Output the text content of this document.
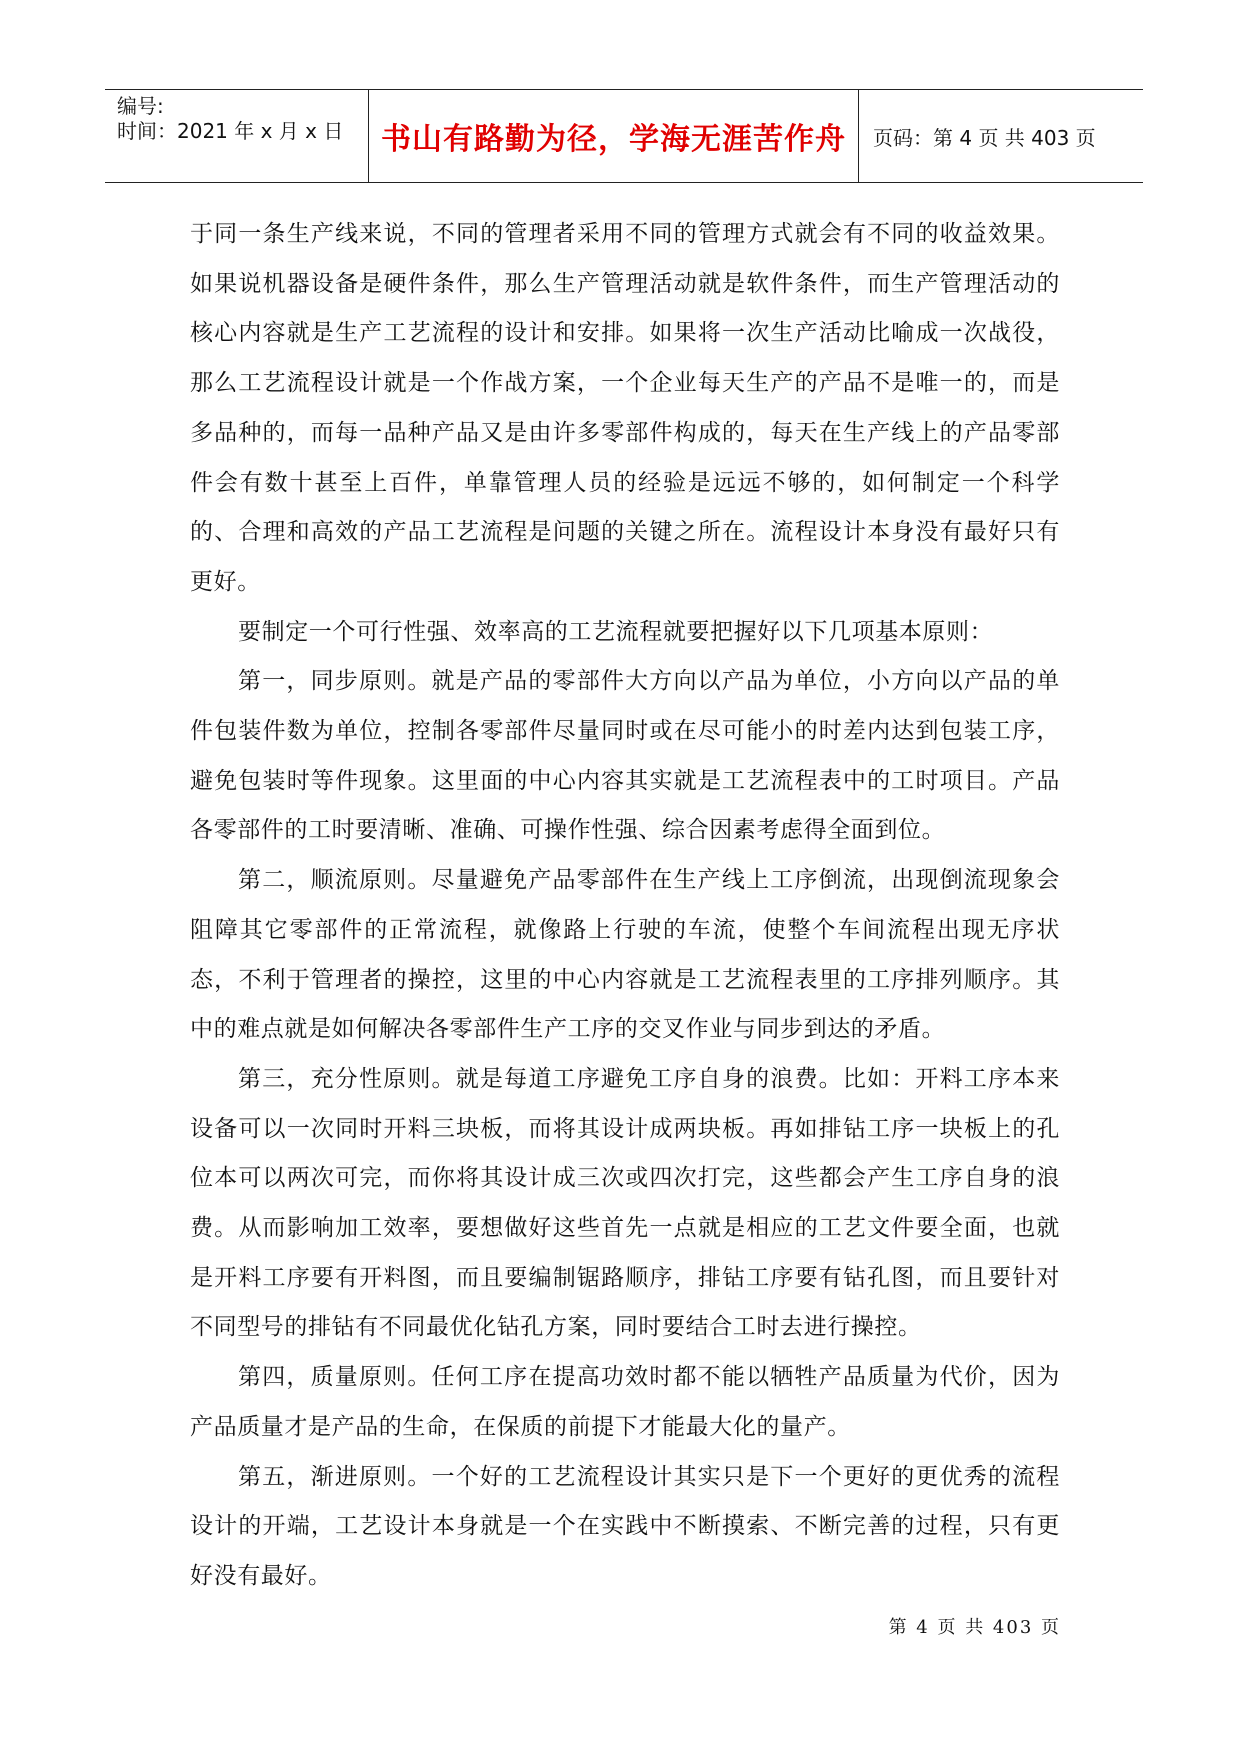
编号:
时间：2021 年 x 月 x 日	书山有路勤为径，学海无涯苦作舟 页码：第 4 页 共 403 页

于同一条生产线来说，不同的管理者采用不同的管理方式就会有不同的收益效果。如果说机器设备是硬件条件，那么生产管理活动就是软件条件，而生产管理活动的核心内容就是生产工艺流程的设计和安排。如果将一次生产活动比喻成一次战役，那么工艺流程设计就是一个作战方案，一个企业每天生产的产品不是唯一的，而是多品种的，而每一品种产品又是由许多零部件构成的，每天在生产线上的产品零部件会有数十甚至上百件，单靠管理人员的经验是远远不够的，如何制定一个科学的、合理和高效的产品工艺流程是问题的关键之所在。流程设计本身没有最好只有更好。

要制定一个可行性强、效率高的工艺流程就要把握好以下几项基本原则：

第一，同步原则。就是产品的零部件大方向以产品为单位，小方向以产品的单件包装件数为单位，控制各零部件尽量同时或在尽可能小的时差内达到包装工序，避免包装时等件现象。这里面的中心内容其实就是工艺流程表中的工时项目。产品各零部件的工时要清晰、准确、可操作性强、综合因素考虑得全面到位。

第二，顺流原则。尽量避免产品零部件在生产线上工序倒流，出现倒流现象会阻障其它零部件的正常流程，就像路上行驶的车流，使整个车间流程出现无序状态，不利于管理者的操控，这里的中心内容就是工艺流程表里的工序排列顺序。其中的难点就是如何解决各零部件生产工序的交叉作业与同步到达的矛盾。

第三，充分性原则。就是每道工序避免工序自身的浪费。比如：开料工序本来设备可以一次同时开料三块板，而将其设计成两块板。再如排钻工序一块板上的孔位本可以两次可完，而你将其设计成三次或四次打完，这些都会产生工序自身的浪费。从而影响加工效率，要想做好这些首先一点就是相应的工艺文件要全面，也就是开料工序要有开料图，而且要编制锯路顺序，排钻工序要有钻孔图，而且要针对不同型号的排钻有不同最优化钻孔方案，同时要结合工时去进行操控。

第四，质量原则。任何工序在提高功效时都不能以牺牲产品质量为代价，因为产品质量才是产品的生命，在保质的前提下才能最大化的量产。

第五，渐进原则。一个好的工艺流程设计其实只是下一个更好的更优秀的流程设计的开端，工艺设计本身就是一个在实践中不断摸索、不断完善的过程，只有更好没有最好。

第 4 页 共 403 页
